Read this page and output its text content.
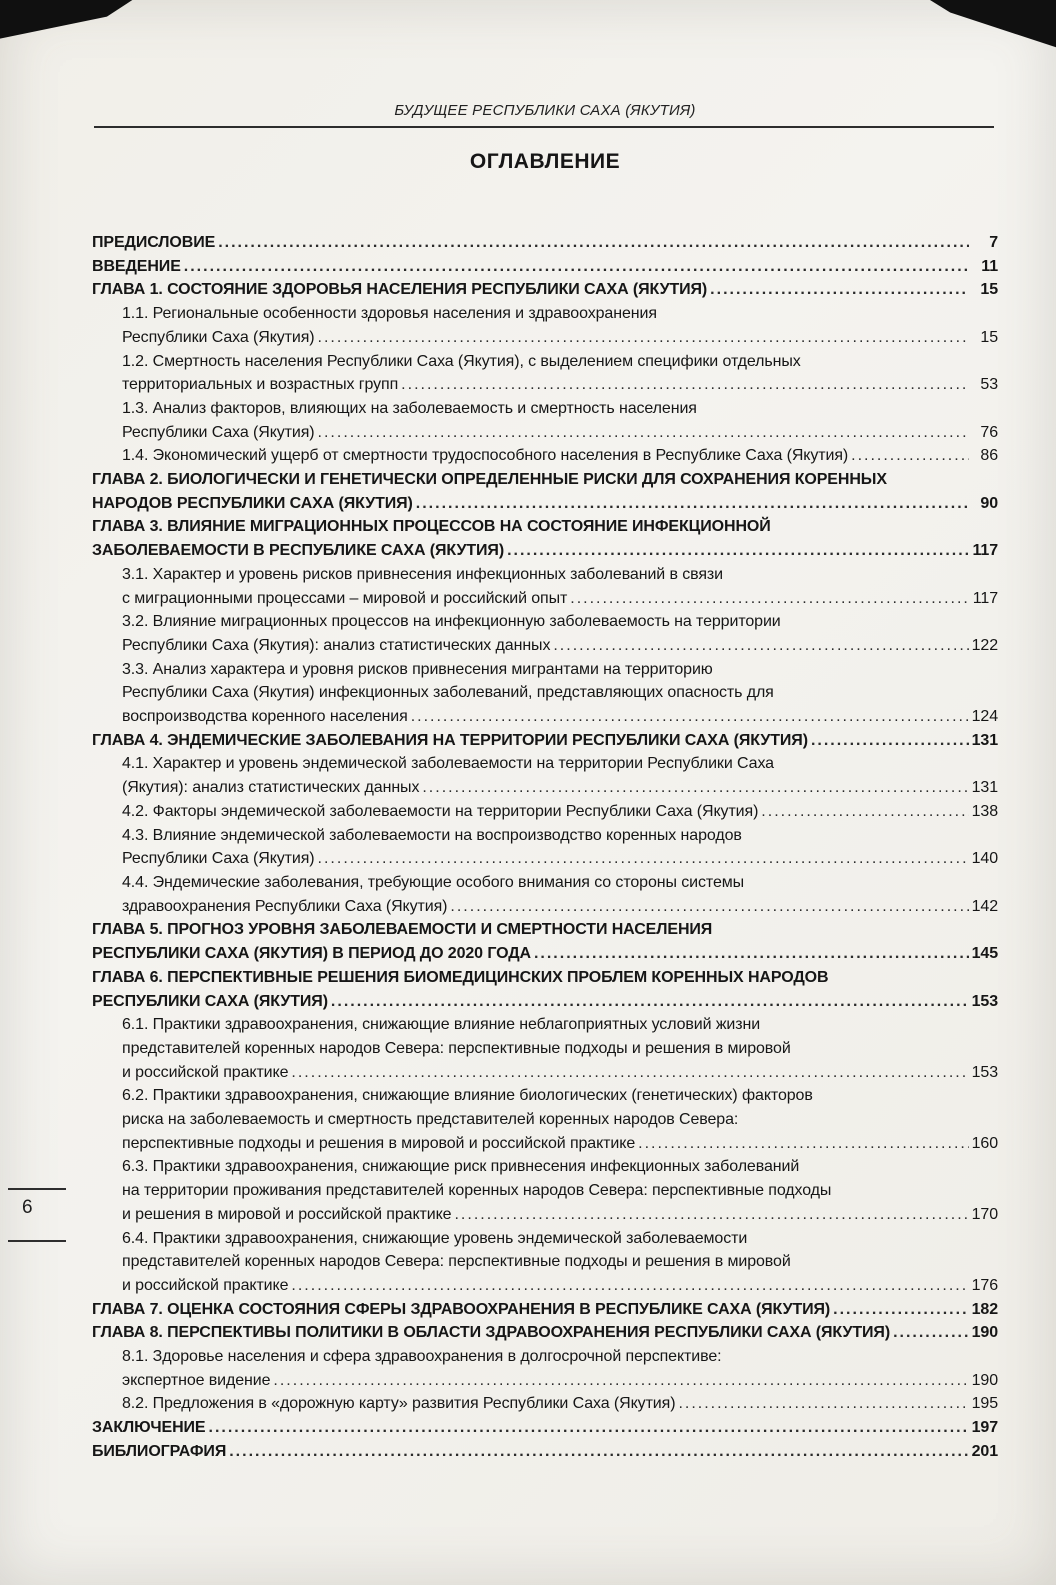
БУДУЩЕЕ РЕСПУБЛИКИ САХА (ЯКУТИЯ)
ОГЛАВЛЕНИЕ
ПРЕДИСЛОВИЕ .....	7
ВВЕДЕНИЕ .....	11
ГЛАВА 1. СОСТОЯНИЕ ЗДОРОВЬЯ НАСЕЛЕНИЯ РЕСПУБЛИКИ САХА (ЯКУТИЯ) .....	15
1.1. Региональные особенности здоровья населения и здравоохранения
Республики Саха (Якутия) .....	15
1.2. Смертность населения Республики Саха (Якутия), с выделением специфики отдельных
территориальных и возрастных групп .....	53
1.3. Анализ факторов, влияющих на заболеваемость и смертность населения
Республики Саха (Якутия) .....	76
1.4. Экономический ущерб от смертности трудоспособного населения в Республике Саха (Якутия) .....	86
ГЛАВА 2. БИОЛОГИЧЕСКИ И ГЕНЕТИЧЕСКИ ОПРЕДЕЛЕННЫЕ РИСКИ ДЛЯ СОХРАНЕНИЯ КОРЕННЫХ
НАРОДОВ РЕСПУБЛИКИ САХА (ЯКУТИЯ) .....	90
ГЛАВА 3. ВЛИЯНИЕ МИГРАЦИОННЫХ ПРОЦЕССОВ НА СОСТОЯНИЕ ИНФЕКЦИОННОЙ
ЗАБОЛЕВАЕМОСТИ В РЕСПУБЛИКЕ САХА (ЯКУТИЯ) .....	117
3.1. Характер и уровень рисков привнесения инфекционных заболеваний в связи
с миграционными процессами – мировой и российский опыт .....	117
3.2. Влияние миграционных процессов на инфекционную заболеваемость на территории
Республики Саха (Якутия): анализ статистических данных .....	122
3.3. Анализ характера и уровня рисков привнесения мигрантами на территорию
Республики Саха (Якутия) инфекционных заболеваний, представляющих опасность для
воспроизводства коренного населения .....	124
ГЛАВА 4. ЭНДЕМИЧЕСКИЕ ЗАБОЛЕВАНИЯ НА ТЕРРИТОРИИ РЕСПУБЛИКИ САХА (ЯКУТИЯ) .....	131
4.1. Характер и уровень эндемической заболеваемости на территории Республики Саха
(Якутия): анализ статистических данных .....	131
4.2. Факторы эндемической заболеваемости на территории Республики Саха (Якутия) .....	138
4.3. Влияние эндемической заболеваемости на воспроизводство коренных народов
Республики Саха (Якутия) .....	140
4.4. Эндемические заболевания, требующие особого внимания со стороны системы
здравоохранения Республики Саха (Якутия) .....	142
ГЛАВА 5. ПРОГНОЗ УРОВНЯ ЗАБОЛЕВАЕМОСТИ И СМЕРТНОСТИ НАСЕЛЕНИЯ
РЕСПУБЛИКИ САХА (ЯКУТИЯ) В ПЕРИОД ДО 2020 ГОДА .....	145
ГЛАВА 6. ПЕРСПЕКТИВНЫЕ РЕШЕНИЯ БИОМЕДИЦИНСКИХ ПРОБЛЕМ КОРЕННЫХ НАРОДОВ
РЕСПУБЛИКИ САХА (ЯКУТИЯ) .....	153
6.1. Практики здравоохранения, снижающие влияние неблагоприятных условий жизни
представителей коренных народов Севера: перспективные подходы и решения в мировой
и российской практике .....	153
6.2. Практики здравоохранения, снижающие влияние биологических (генетических) факторов
риска на заболеваемость и смертность представителей коренных народов Севера:
перспективные подходы и решения в мировой и российской практике .....	160
6.3. Практики здравоохранения, снижающие риск привнесения инфекционных заболеваний
на территории проживания представителей коренных народов Севера: перспективные подходы
и решения в мировой и российской практике .....	170
6.4. Практики здравоохранения, снижающие уровень эндемической заболеваемости
представителей коренных народов Севера: перспективные подходы и решения в мировой
и российской практике .....	176
ГЛАВА 7. ОЦЕНКА СОСТОЯНИЯ СФЕРЫ ЗДРАВООХРАНЕНИЯ В РЕСПУБЛИКЕ САХА (ЯКУТИЯ) .....	182
ГЛАВА 8. ПЕРСПЕКТИВЫ ПОЛИТИКИ В ОБЛАСТИ ЗДРАВООХРАНЕНИЯ РЕСПУБЛИКИ САХА (ЯКУТИЯ) .....	190
8.1. Здоровье населения и сфера здравоохранения в долгосрочной перспективе:
экспертное видение .....	190
8.2. Предложения в «дорожную карту» развития Республики Саха (Якутия) .....	195
ЗАКЛЮЧЕНИЕ .....	197
БИБЛИОГРАФИЯ .....	201
6
